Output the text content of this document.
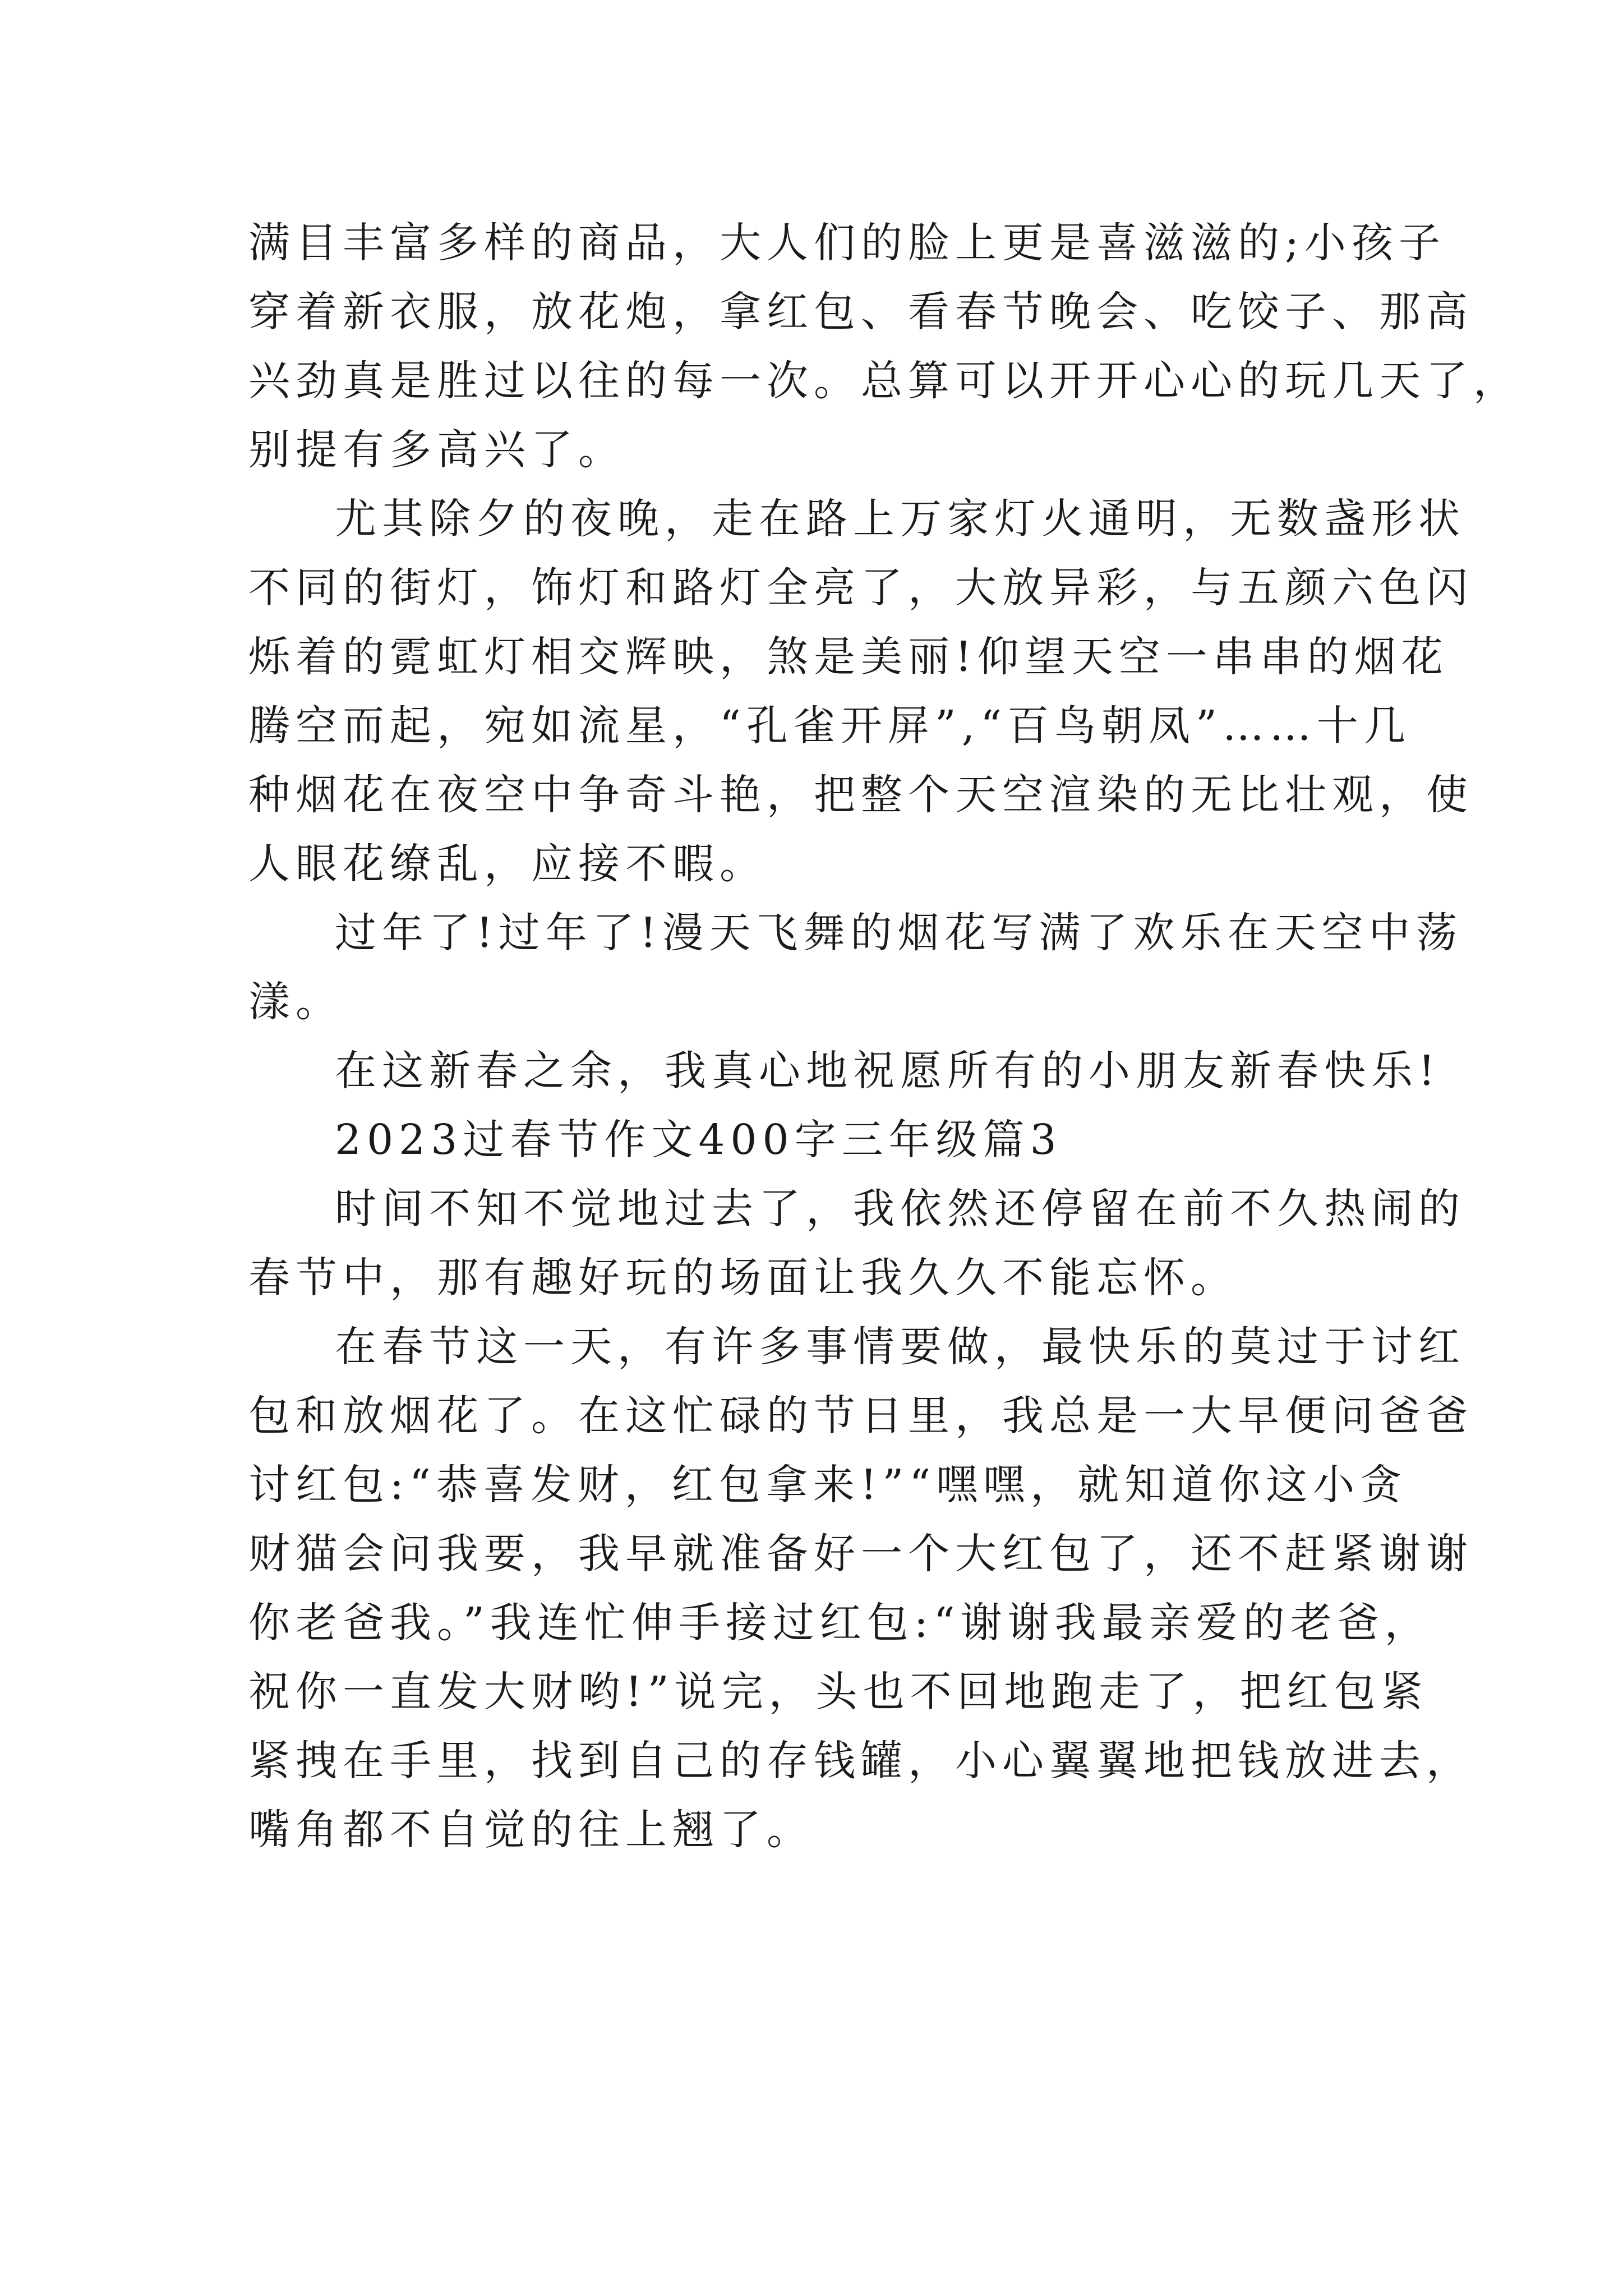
满目丰富多样的商品，大人们的脸上更是喜滋滋的;小孩子
穿着新衣服，放花炮，拿红包、看春节晚会、吃饺子、那高
兴劲真是胜过以往的每一次。总算可以开开心心的玩几天了，
别提有多高兴了。
尤其除夕的夜晚，走在路上万家灯火通明，无数盏形状
不同的街灯，饰灯和路灯全亮了，大放异彩，与五颜六色闪
烁着的霓虹灯相交辉映，煞是美丽!仰望天空一串串的烟花
腾空而起，宛如流星，“孔雀开屏”,“百鸟朝凤”……十几
种烟花在夜空中争奇斗艳，把整个天空渲染的无比壮观，使
人眼花缭乱，应接不暇。
过年了!过年了!漫天飞舞的烟花写满了欢乐在天空中荡
漾。
在这新春之余，我真心地祝愿所有的小朋友新春快乐!
2023过春节作文400字三年级篇3
时间不知不觉地过去了，我依然还停留在前不久热闹的
春节中，那有趣好玩的场面让我久久不能忘怀。
在春节这一天，有许多事情要做，最快乐的莫过于讨红
包和放烟花了。在这忙碌的节日里，我总是一大早便问爸爸
讨红包:“恭喜发财，红包拿来!”“嘿嘿，就知道你这小贪
财猫会问我要，我早就准备好一个大红包了，还不赶紧谢谢
你老爸我。”我连忙伸手接过红包:“谢谢我最亲爱的老爸，
祝你一直发大财哟!”说完，头也不回地跑走了，把红包紧
紧拽在手里，找到自己的存钱罐，小心翼翼地把钱放进去，
嘴角都不自觉的往上翘了。
